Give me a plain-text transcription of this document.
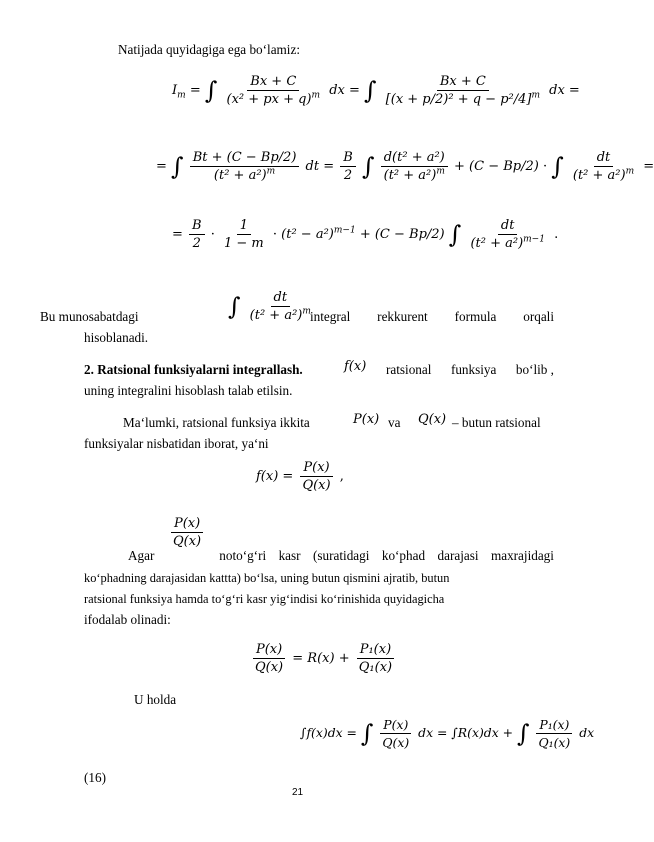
Natijada quyidagiga ega bo‘lamiz:
$I_m$ = ∫ $\frac{Bx + C}{(x^2 + px + q)^m}$ dx = ∫ $\frac{Bx + C}{[(x + p/2)^2 + q - p^2/4]^m}$ dx =
= ∫ $\frac{Bt + (C - Bp/2)}{(t^2 + a^2)^m}$ dt = $\frac{B}{2}$ ∫ $\frac{\text{d(t² + a²)}}{(t^2 + a^2)^m} + (C - Bp/2)$ · ∫ $\frac{dt}{(t^2 + a^2)^m}$ =
= $\frac{B}{2} \cdot \frac{1}{1 - m} \cdot (t^2 - a^2)^{m-1} + (C - Bp/2)$ ∫ $\frac{dt}{(t^2 + a^2)^{m-1}}$ .
Bu munosabatdagi	∫ $\frac{dt}{(t^2 + a^2)^m}$
integral rekkurent formula orqali
hisoblanadi.
2. Ratsional funksiyalarni integrallash.	f(x) ratsional funksiya bo‘lib ,
uning integralini hisoblash talab etilsin.
Ma‘lumki, ratsional funksiya ikkita	P(x) va Q(x) – butun ratsional
funksiyalar nisbatidan iborat, ya‘ni
$f(x) = \frac{P(x)}{Q(x)}$ ,
$\frac{P(x)}{Q(x)}$
Agar	noto‘g‘ri kasr (suratidagi ko‘phad darajasi maxrajidagi
ko‘phadning darajasidan kattta) bo‘lsa, uning butun qismini ajratib, butun
ratsional funksiya hamda to‘g‘ri kasr yig‘indisi ko‘rinishida quyidagicha
ifodalab olinadi:
$\frac{P(x)}{Q(x)} = R(x) + \frac{\text{P₁(x)}}{\text{Q₁(x)}}$
U holda
∫f(x)dx = ∫ $\frac{P(x)}{Q(x)}$ dx = ∫R(x)dx + ∫ $\frac{\text{P₁(x)}}{\text{Q₁(x)}}$ dx
(16)
21
